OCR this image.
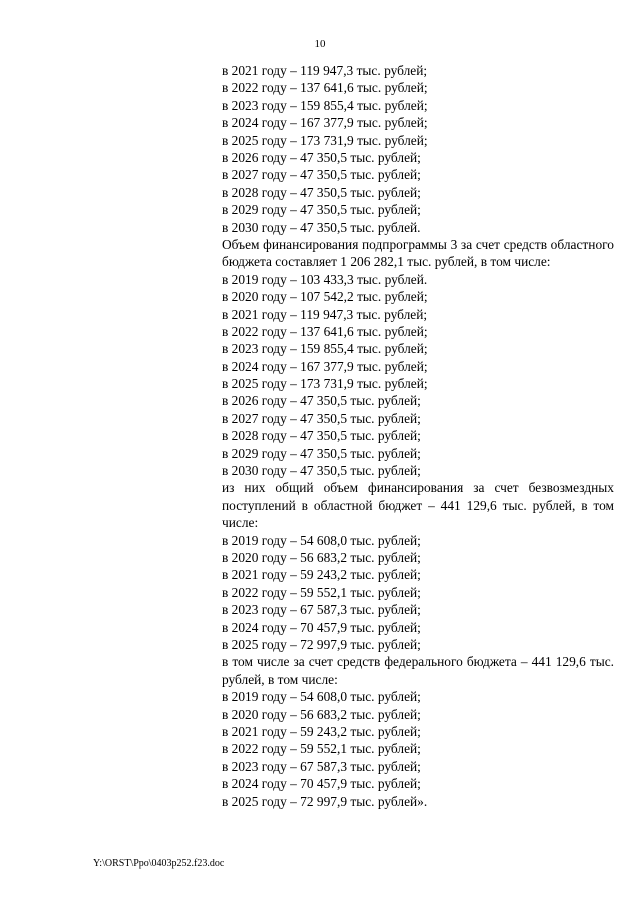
10
в 2021 году – 119 947,3 тыс. рублей;
в 2022 году – 137 641,6 тыс. рублей;
в 2023 году – 159 855,4 тыс. рублей;
в 2024 году – 167 377,9 тыс. рублей;
в 2025 году – 173 731,9 тыс. рублей;
в 2026 году – 47 350,5 тыс. рублей;
в 2027 году – 47 350,5 тыс. рублей;
в 2028 году – 47 350,5 тыс. рублей;
в 2029 году – 47 350,5 тыс. рублей;
в 2030 году – 47 350,5 тыс. рублей.
Объем финансирования подпрограммы 3 за счет средств областного бюджета составляет 1 206 282,1 тыс. рублей, в том числе:
в 2019 году – 103 433,3 тыс. рублей.
в 2020 году – 107 542,2 тыс. рублей;
в 2021 году – 119 947,3 тыс. рублей;
в 2022 году – 137 641,6 тыс. рублей;
в 2023 году – 159 855,4 тыс. рублей;
в 2024 году – 167 377,9 тыс. рублей;
в 2025 году – 173 731,9 тыс. рублей;
в 2026 году – 47 350,5 тыс. рублей;
в 2027 году – 47 350,5 тыс. рублей;
в 2028 году – 47 350,5 тыс. рублей;
в 2029 году – 47 350,5 тыс. рублей;
в 2030 году – 47 350,5 тыс. рублей;
из них общий объем финансирования за счет безвозмездных поступлений в областной бюджет – 441 129,6 тыс. рублей, в том числе:
в 2019 году – 54 608,0 тыс. рублей;
в 2020 году – 56 683,2 тыс. рублей;
в 2021 году – 59 243,2 тыс. рублей;
в 2022 году – 59 552,1 тыс. рублей;
в 2023 году – 67 587,3 тыс. рублей;
в 2024 году – 70 457,9 тыс. рублей;
в 2025 году – 72 997,9 тыс. рублей;
в том числе за счет средств федерального бюджета – 441 129,6 тыс. рублей, в том числе:
в 2019 году – 54 608,0 тыс. рублей;
в 2020 году – 56 683,2 тыс. рублей;
в 2021 году – 59 243,2 тыс. рублей;
в 2022 году – 59 552,1 тыс. рублей;
в 2023 году – 67 587,3 тыс. рублей;
в 2024 году – 70 457,9 тыс. рублей;
в 2025 году – 72 997,9 тыс. рублей».
Y:\ORST\Ppo\0403p252.f23.doc
